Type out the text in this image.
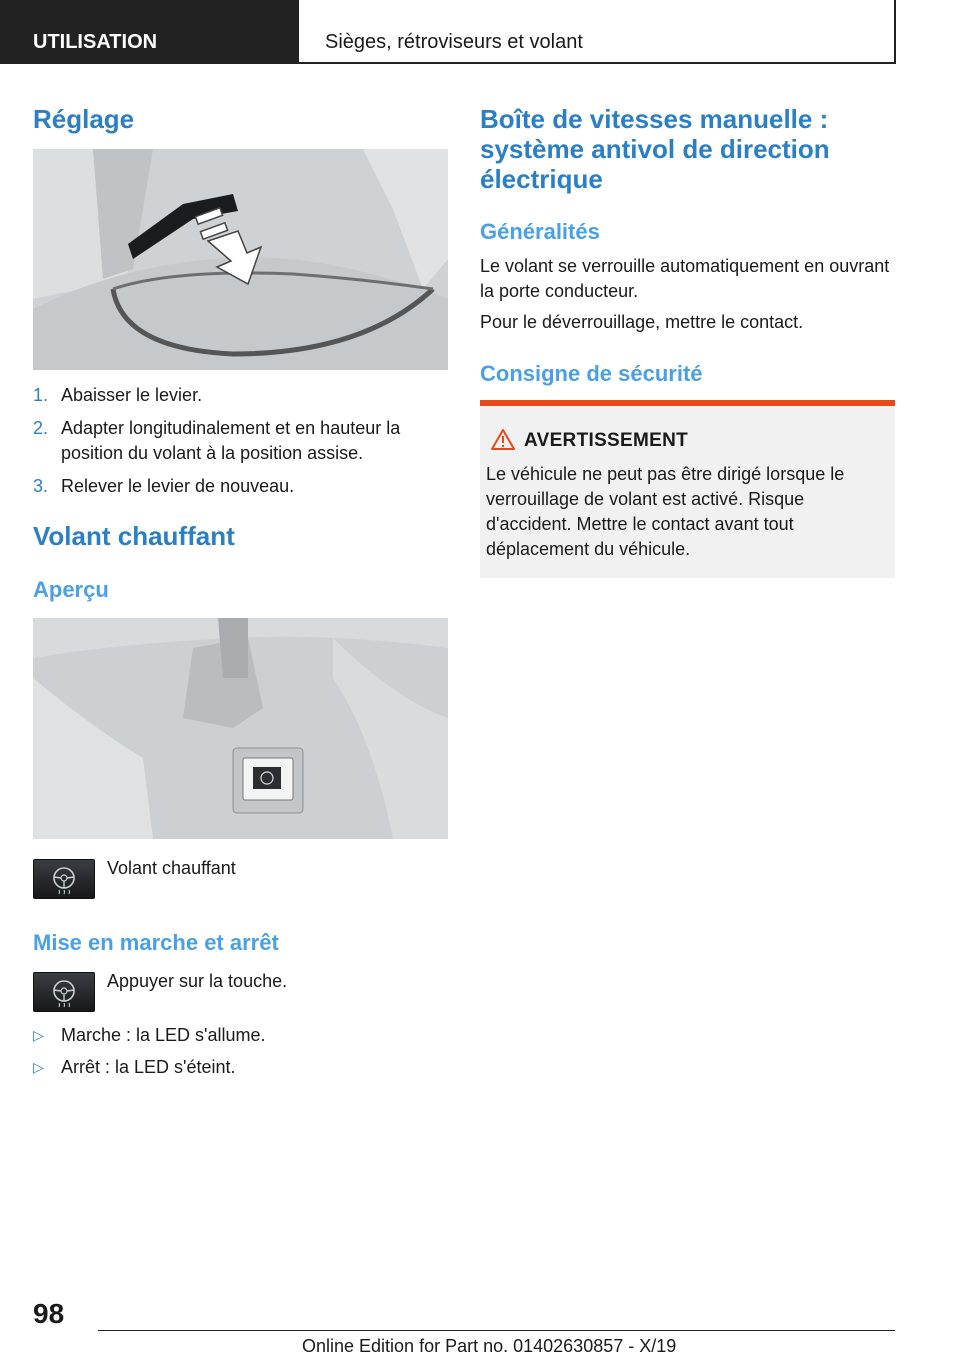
UTILISATION	Sièges, rétroviseurs et volant
Réglage
1. Abaisser le levier.
2. Adapter longitudinalement et en hauteur la position du volant à la position assise.
3. Relever le levier de nouveau.
Volant chauffant
Aperçu

Volant chauffant

Mise en marche et arrêt

Appuyer sur la touche.

▷ Marche : la LED s'allume.
▷ Arrêt : la LED s'éteint.
Boîte de vitesses manuelle : système antivol de direction électrique
Généralités

Le volant se verrouille automatiquement en ouvrant la porte conducteur.

Pour le déverrouillage, mettre le contact.

Consigne de sécurité
AVERTISSEMENT

Le véhicule ne peut pas être dirigé lorsque le verrouillage de volant est activé. Risque d'accident. Mettre le contact avant tout déplacement du véhicule.

98
Online Edition for Part no. 01402630857 - X/19
